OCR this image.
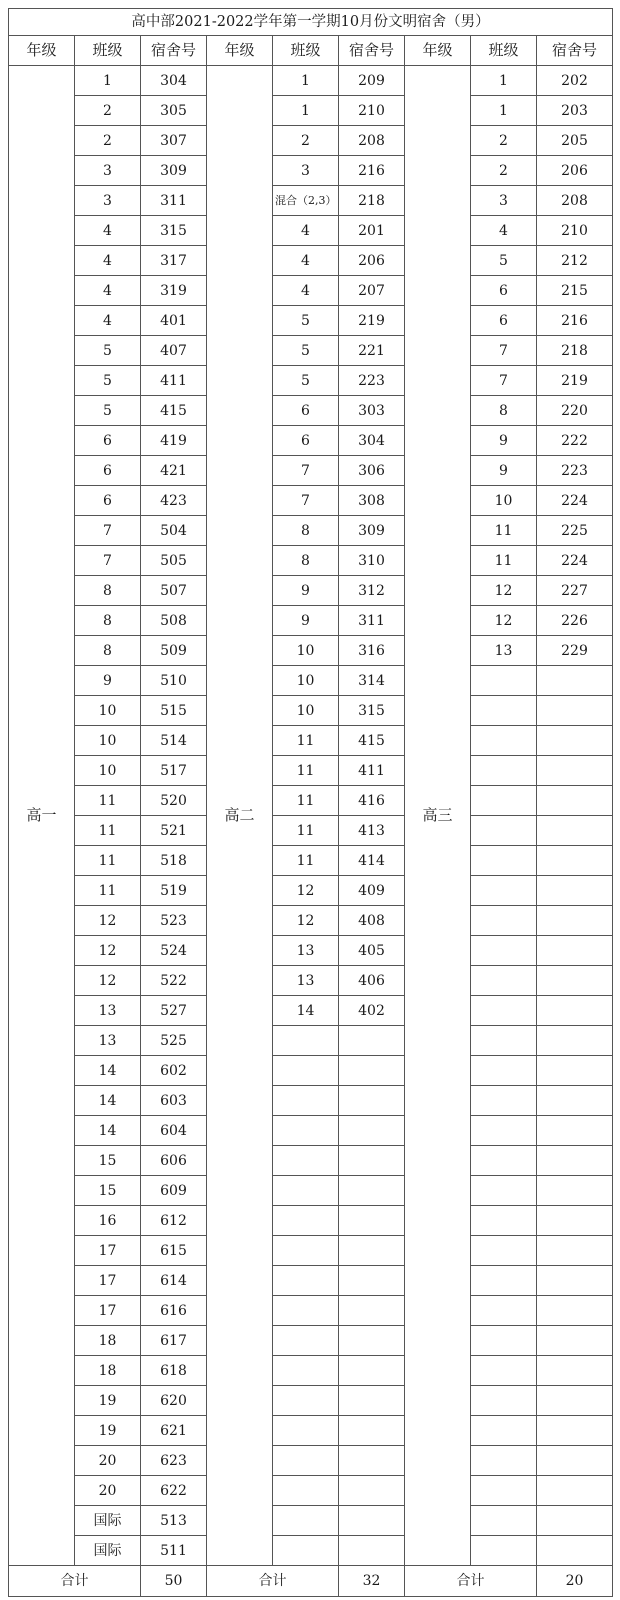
高中部2021-2022学年第一学期10月份文明宿舍（男）								
年级	班级	宿舍号	年级	班级	宿舍号	年级	班级	宿舍号
高一	1	304	高二	1	209	高三	1	202
	2	305		1	210		1	203
	2	307		2	208		2	205
	3	309		3	216		2	206
	3	311		混合（2,3）	218		3	208
	4	315		4	201		4	210
	4	317		4	206		5	212
	4	319		4	207		6	215
	4	401		5	219		6	216
	5	407		5	221		7	218
	5	411		5	223		7	219
	5	415		6	303		8	220
	6	419		6	304		9	222
	6	421		7	306		9	223
	6	423		7	308		10	224
	7	504		8	309		11	225
	7	505		8	310		11	224
	8	507		9	312		12	227
	8	508		9	311		12	226
	8	509		10	316		13	229
	9	510		10	314			
	10	515		10	315			
	10	514		11	415			
	10	517		11	411			
	11	520		11	416			
	11	521		11	413			
	11	518		11	414			
	11	519		12	409			
	12	523		12	408			
	12	524		13	405			
	12	522		13	406			
	13	527		14	402			
	13	525						
	14	602						
	14	603						
	14	604						
	15	606						
	15	609						
	16	612						
	17	615						
	17	614						
	17	616						
	18	617						
	18	618						
	19	620						
	19	621						
	20	623						
	20	622						
	国际	513						
	国际	511						
合计		50	合计		32	合计		20
